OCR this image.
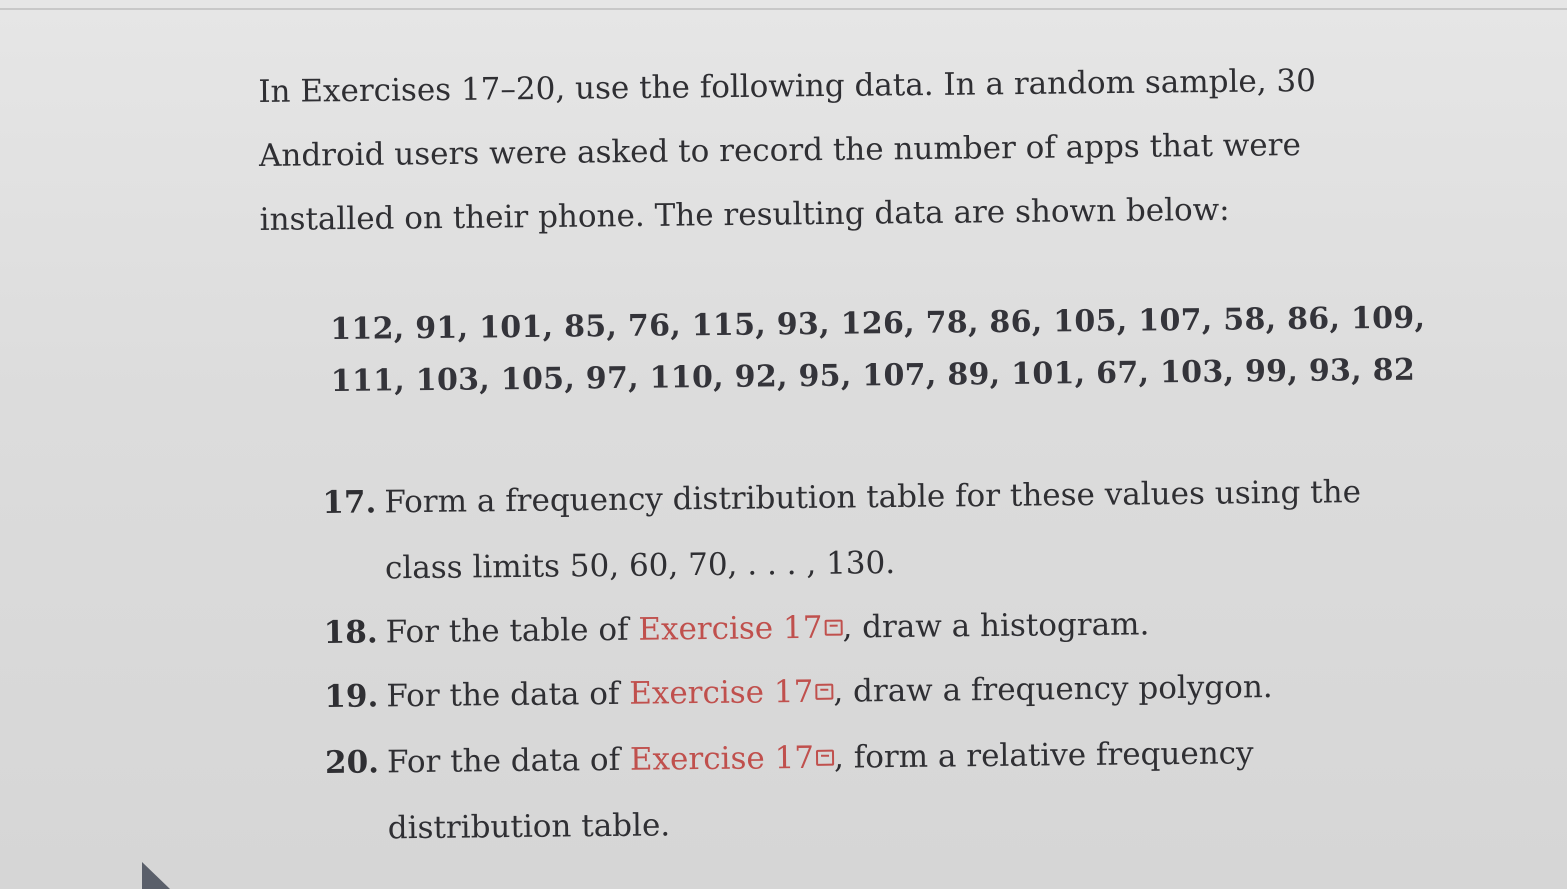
In Exercises 17–20, use the following data. In a random sample, 30
Android users were asked to record the number of apps that were
installed on their phone. The resulting data are shown below:
112, 91, 101, 85, 76, 115, 93, 126, 78, 86, 105, 107, 58, 86, 109,
111, 103, 105, 97, 110, 92, 95, 107, 89, 101, 67, 103, 99, 93, 82
17. Form a frequency distribution table for these values using the
class limits 50, 60, 70, . . . , 130.
18. For the table of Exercise 17 , draw a histogram.
19. For the data of Exercise 17 , draw a frequency polygon.
20. For the data of Exercise 17 , form a relative frequency
distribution table.
